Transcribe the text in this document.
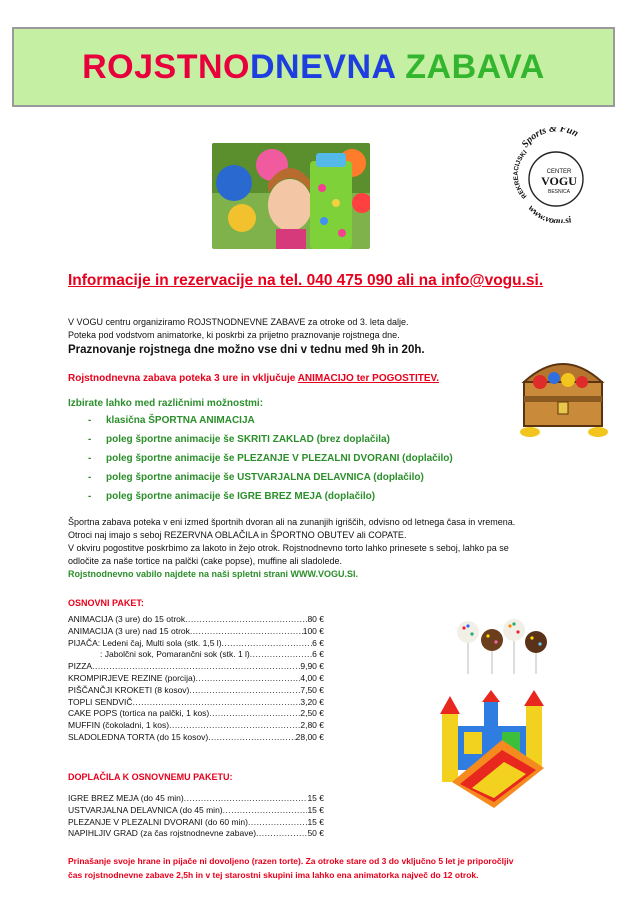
ROJSTNODNEVNA ZABAVA
Sports & Fun
REKREACIJSKI
CENTER
VOGU
BESNICA
www.vogu.si
Informacije in rezervacije na tel. 040 475 090 ali na info@vogu.si.
V VOGU centru organiziramo ROJSTNODNEVNE ZABAVE za otroke od 3. leta dalje.
Poteka pod vodstvom animatorke, ki poskrbi za prijetno praznovanje rojstnega dne.
Praznovanje rojstnega dne možno vse dni v tednu med 9h in 20h.
Rojstnodnevna zabava poteka 3 ure in vključuje ANIMACIJO ter POGOSTITEV.
Izbirate lahko med različnimi možnostmi:
- klasična ŠPORTNA ANIMACIJA
- poleg športne animacije še SKRITI ZAKLAD (brez doplačila)
- poleg športne animacije še PLEZANJE V PLEZALNI DVORANI (doplačilo)
- poleg športne animacije še USTVARJALNA DELAVNICA (doplačilo)
- poleg športne animacije še IGRE BREZ MEJA (doplačilo)
Športna zabava poteka v eni izmed športnih dvoran ali na zunanjih igriščih, odvisno od letnega časa in vremena.
Otroci naj imajo s seboj REZERVNA OBLAČILA in ŠPORTNO OBUTEV ali COPATE.
V okviru pogostitve poskrbimo za lakoto in žejo otrok. Rojstnodnevno torto lahko prinesete s seboj, lahko pa se
odločite za naše tortice na palčki (cake popse), muffine ali sladolede.
Rojstnodnevno vabilo najdete na naši spletni strani WWW.VOGU.SI.
OSNOVNI PAKET:
ANIMACIJA (3 ure) do 15 otrok .....	80 €
ANIMACIJA (3 ure) nad 15 otrok .....	100 €
PIJAČA: Ledeni čaj, Multi sola (stk. 1,5 l) .....	6 €
: Jabolčni sok, Pomarančni sok (stk. 1 l) .....	6 €
PIZZA .....	9,90 €
KROMPIRJEVE REZINE (porcija) .....	4,00 €
PIŠČANČJI KROKETI (8 kosov) .....	7,50 €
TOPLI SENDVIČ .....	3,20 €
CAKE POPS (tortica na palčki, 1 kos) .....	2,50 €
MUFFIN (čokoladni, 1 kos) .....	2,80 €
SLADOLEDNA TORTA (do 15 kosov) .....	28,00 €
DOPLAČILA K OSNOVNEMU PAKETU:
IGRE BREZ MEJA (do 45 min) .....	15 €
USTVARJALNA DELAVNICA (do 45 min) .....	15 €
PLEZANJE V PLEZALNI DVORANI (do 60 min) .....	15 €
NAPIHLJIV GRAD (za čas rojstnodnevne zabave) .....	50 €
Prinašanje svoje hrane in pijače ni dovoljeno (razen torte). Za otroke stare od 3 do vključno 5 let je priporočljiv
čas rojstnodnevne zabave 2,5h in v tej starostni skupini ima lahko ena animatorka največ do 12 otrok.
